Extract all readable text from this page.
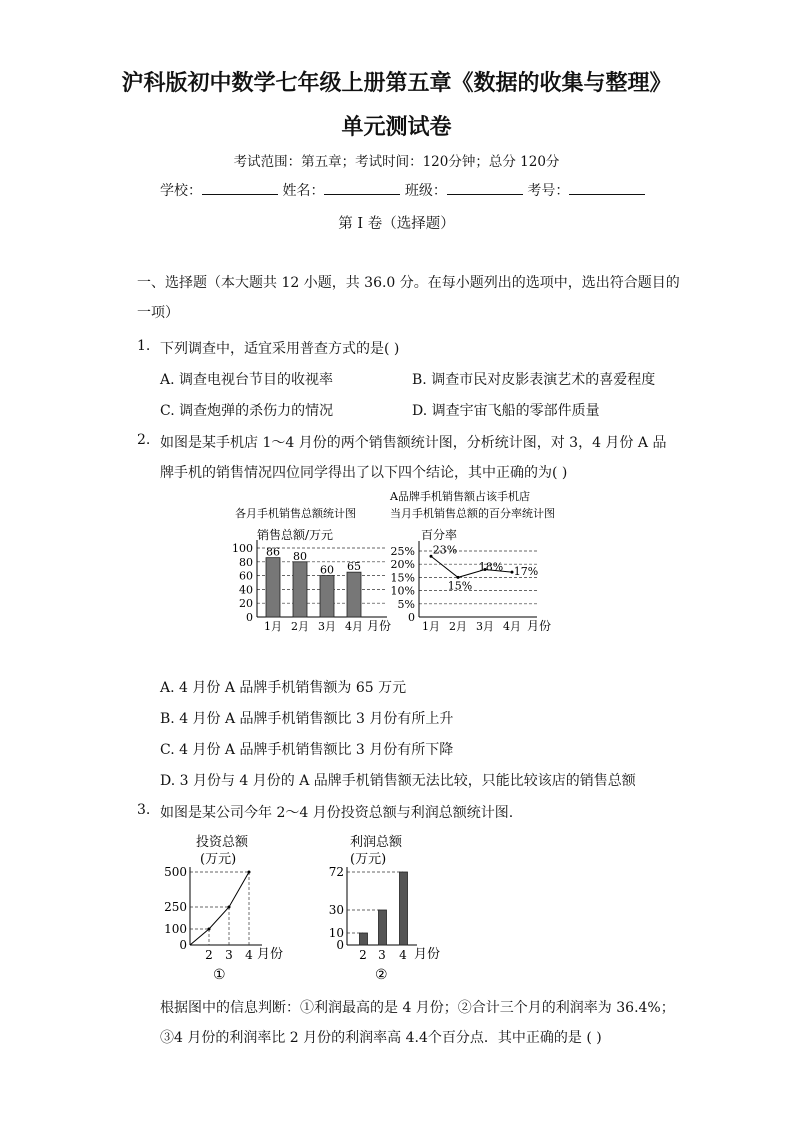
沪科版初中数学七年级上册第五章《数据的收集与整理》
单元测试卷
考试范围：第五章；考试时间：120分钟；总分 120分
学校：	姓名：	班级：	考号：
第 I 卷（选择题）
一、选择题（本大题共 12 小题，共 36.0 分。在每小题列出的选项中，选出符合题目的
一项）
1. 下列调查中，适宜采用普查方式的是( )
A. 调查电视台节目的收视率	B. 调查市民对皮影表演艺术的喜爱程度
C. 调查炮弹的杀伤力的情况	D. 调查宇宙飞船的零部件质量
2. 如图是某手机店 1～4 月份的两个销售额统计图，分析统计图，对 3，4 月份 A 品
牌手机的销售情况四位同学得出了以下四个结论，其中正确的为( )
各月手机销售总额统计图
销售总额/万元
0
20
40
60
80
100 86
1月
80
2月
60
3月
65
4月 月份
A品牌手机销售额占该手机店
当月手机销售总额的百分率统计图
百分率
0
5%
10%
15%
20%
25%
1月 2月 3月 4月
23%
15%
18% 17%
月份
A. 4 月份 A 品牌手机销售额为 65 万元
B. 4 月份 A 品牌手机销售额比 3 月份有所上升
C. 4 月份 A 品牌手机销售额比 3 月份有所下降
D. 3 月份与 4 月份的 A 品牌手机销售额无法比较，只能比较该店的销售总额
3. 如图是某公司今年 2～4 月份投资总额与利润总额统计图.
投资总额
(万元)
0
100
250
500
2 3 4 月份
①
利润总额
(万元)
0
10
30
72
2 3 4 月份
②
根据图中的信息判断：①利润最高的是 4 月份；②合计三个月的利润率为 36.4%；
③4 月份的利润率比 2 月份的利润率高 4.4个百分点．其中正确的是 ( )
